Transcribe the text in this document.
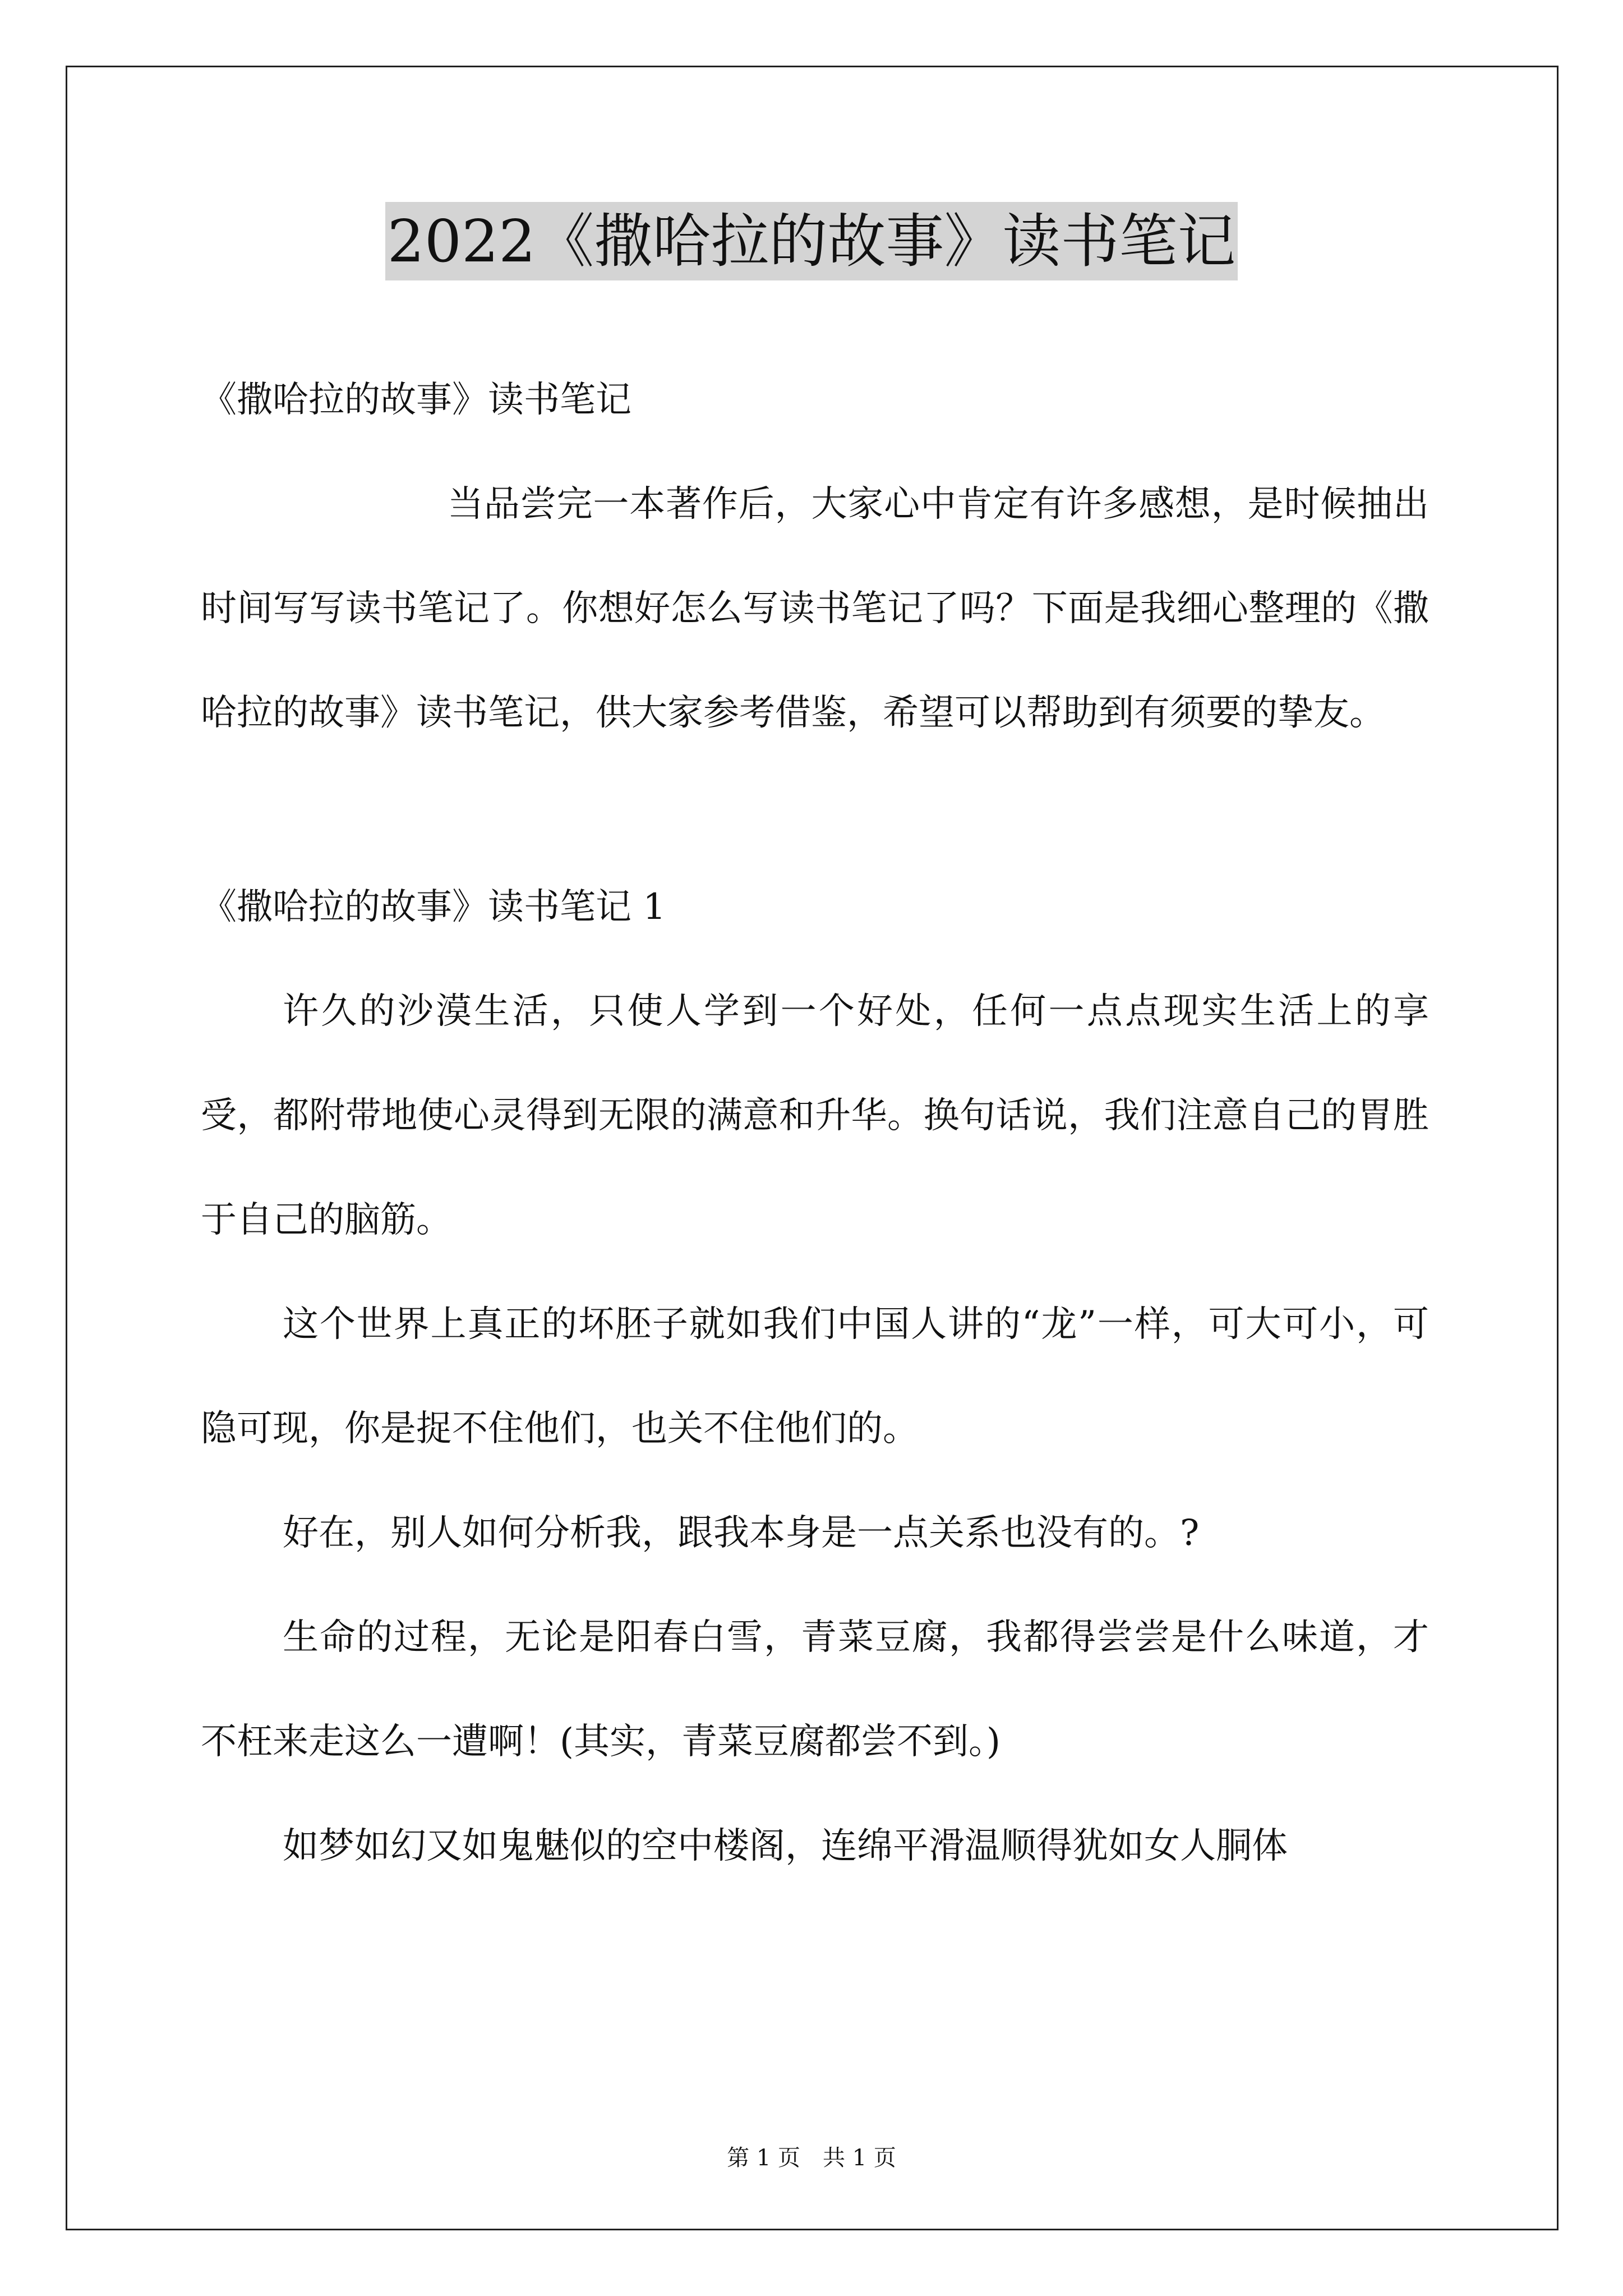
2022《撒哈拉的故事》读书笔记

《撒哈拉的故事》读书笔记

当品尝完一本著作后，大家心中肯定有许多感想，是时候抽出时间写写读书笔记了。你想好怎么写读书笔记了吗？下面是我细心整理的《撒哈拉的故事》读书笔记，供大家参考借鉴，希望可以帮助到有须要的挚友。

《撒哈拉的故事》读书笔记 1

许久的沙漠生活，只使人学到一个好处，任何一点点现实生活上的享受，都附带地使心灵得到无限的满意和升华。换句话说，我们注意自己的胃胜于自己的脑筋。

这个世界上真正的坏胚子就如我们中国人讲的“龙”一样，可大可小，可隐可现，你是捉不住他们，也关不住他们的。

好在，别人如何分析我，跟我本身是一点关系也没有的。?

生命的过程，无论是阳春白雪，青菜豆腐，我都得尝尝是什么味道，才不枉来走这么一遭啊！(其实，青菜豆腐都尝不到。)

如梦如幻又如鬼魅似的空中楼阁，连绵平滑温顺得犹如女人胴体

第 1 页 共 1 页
